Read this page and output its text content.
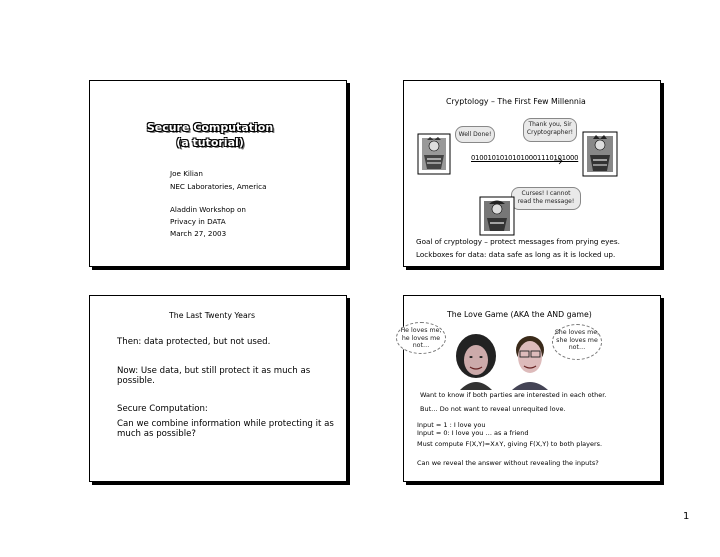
Secure Computation
(a tutorial)
Joe Kilian
NEC Laboratories, America
Aladdin Workshop on
Privacy in DATA
March 27, 2003
Cryptology – The First Few Millennia
Thank you, Sir Cryptographer!
Well Done!
01001010101010001110101000
Curses! I cannot read the message!
Goal of cryptology – protect messages from prying eyes.
Lockboxes for data: data safe as long as it is locked up.
The Last Twenty Years
Then: data protected, but not used.
Now: Use data, but still protect it as much as
possible.
Secure Computation:
Can we combine information while protecting it as
much as possible?
The Love Game (AKA the AND game)
He loves me, he loves me not…
She loves me, she loves me not…
Want to know if both parties are interested in each other.
But… Do not want to reveal unrequited love.
Input = 1 : I love you
Input = 0: I love you … as a friend
Must compute F(X,Y)=X∧Y, giving F(X,Y) to both players.
Can we reveal the answer without revealing the inputs?
1
